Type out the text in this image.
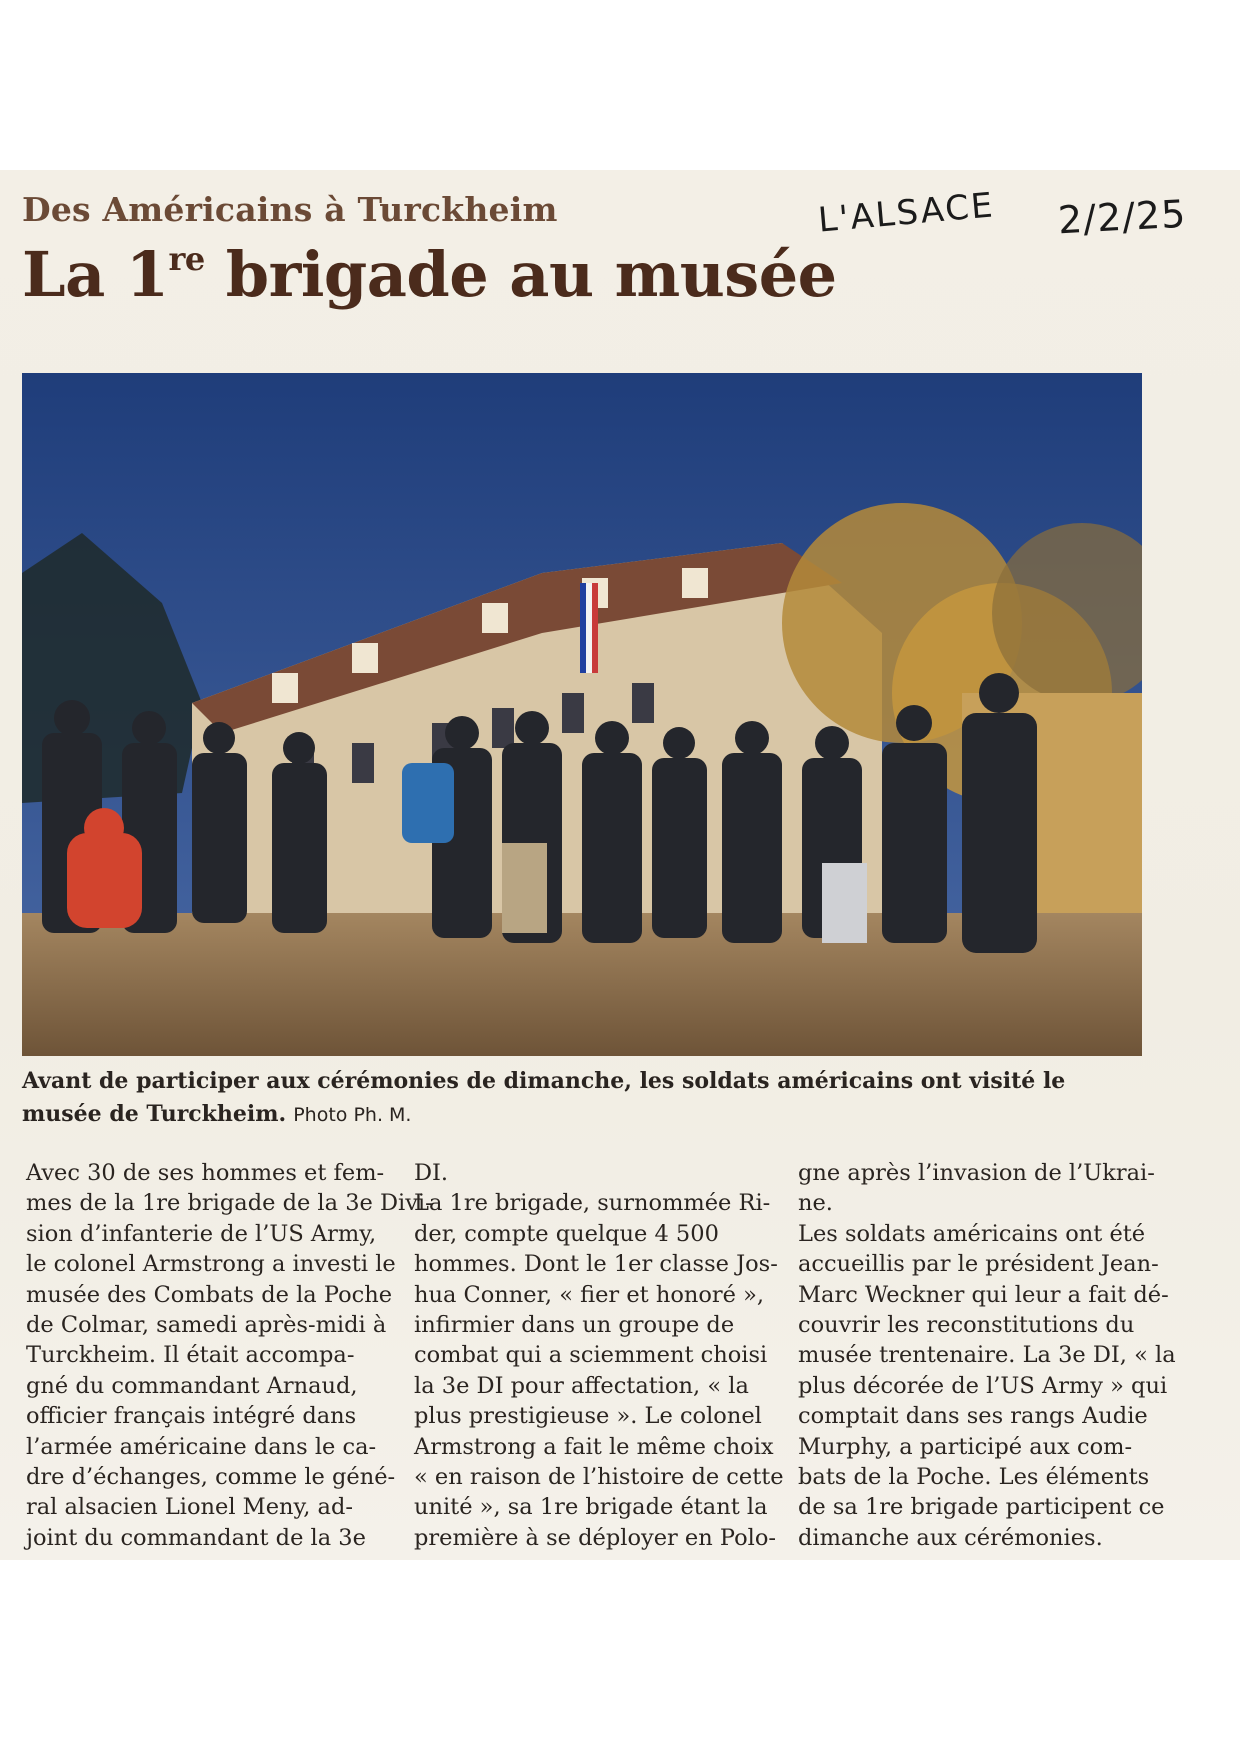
Des Américains à Turckheim
La 1re brigade au musée
L'ALSACE 2/2/25

Avant de participer aux cérémonies de dimanche, les soldats américains ont visité le musée de Turckheim. Photo Ph. M.

Avec 30 de ses hommes et fem-
mes de la 1re brigade de la 3e Divi-
sion d’infanterie de l’US Army,
le colonel Armstrong a investi le
musée des Combats de la Poche
de Colmar, samedi après-midi à
Turckheim. Il était accompa-
gné du commandant Arnaud,
officier français intégré dans
l’armée américaine dans le ca-
dre d’échanges, comme le géné-
ral alsacien Lionel Meny, ad-
joint du commandant de la 3e
DI.
La 1re brigade, surnommée Ri-
der, compte quelque 4 500
hommes. Dont le 1er classe Jos-
hua Conner, « fier et honoré »,
infirmier dans un groupe de
combat qui a sciemment choisi
la 3e DI pour affectation, « la
plus prestigieuse ». Le colonel
Armstrong a fait le même choix
« en raison de l’histoire de cette
unité », sa 1re brigade étant la
première à se déployer en Polo-
gne après l’invasion de l’Ukrai-
ne.
Les soldats américains ont été
accueillis par le président Jean-
Marc Weckner qui leur a fait dé-
couvrir les reconstitutions du
musée trentenaire. La 3e DI, « la
plus décorée de l’US Army » qui
comptait dans ses rangs Audie
Murphy, a participé aux com-
bats de la Poche. Les éléments
de sa 1re brigade participent ce
dimanche aux cérémonies.
